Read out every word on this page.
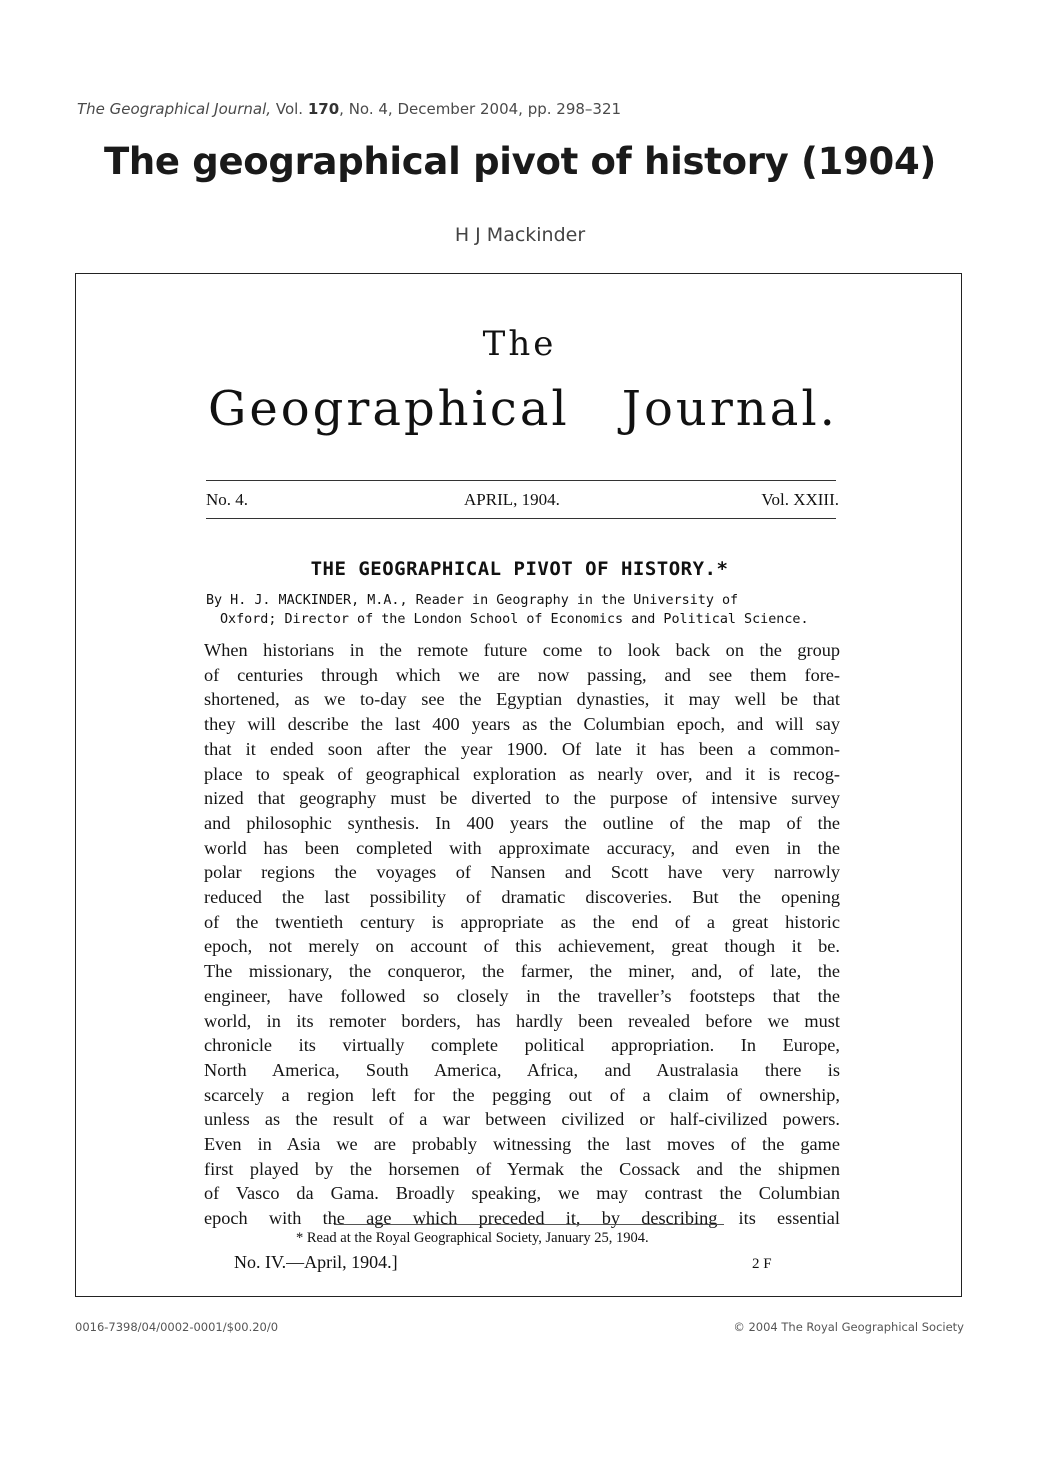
The Geographical Journal, Vol. 170, No. 4, December 2004, pp. 298–321
The geographical pivot of history (1904)
H J Mackinder
The
Geographical Journal.
No. 4.	APRIL, 1904.	Vol. XXIII.
THE GEOGRAPHICAL PIVOT OF HISTORY.*
By H. J. MACKINDER, M.A., Reader in Geography in the University of
Oxford; Director of the London School of Economics and Political Science.
When historians in the remote future come to look back on the group
of centuries through which we are now passing, and see them fore-
shortened, as we to-day see the Egyptian dynasties, it may well be that
they will describe the last 400 years as the Columbian epoch, and will say
that it ended soon after the year 1900. Of late it has been a common-
place to speak of geographical exploration as nearly over, and it is recog-
nized that geography must be diverted to the purpose of intensive survey
and philosophic synthesis. In 400 years the outline of the map of the
world has been completed with approximate accuracy, and even in the
polar regions the voyages of Nansen and Scott have very narrowly
reduced the last possibility of dramatic discoveries. But the opening
of the twentieth century is appropriate as the end of a great historic
epoch, not merely on account of this achievement, great though it be.
The missionary, the conqueror, the farmer, the miner, and, of late, the
engineer, have followed so closely in the traveller’s footsteps that the
world, in its remoter borders, has hardly been revealed before we must
chronicle its virtually complete political appropriation. In Europe,
North America, South America, Africa, and Australasia there is
scarcely a region left for the pegging out of a claim of ownership,
unless as the result of a war between civilized or half-civilized powers.
Even in Asia we are probably witnessing the last moves of the game
first played by the horsemen of Yermak the Cossack and the shipmen
of Vasco da Gama. Broadly speaking, we may contrast the Columbian
epoch with the age which preceded it, by describing its essential
* Read at the Royal Geographical Society, January 25, 1904.
No. IV.—April, 1904.]	2 F
0016-7398/04/0002-0001/$00.20/0	© 2004 The Royal Geographical Society
